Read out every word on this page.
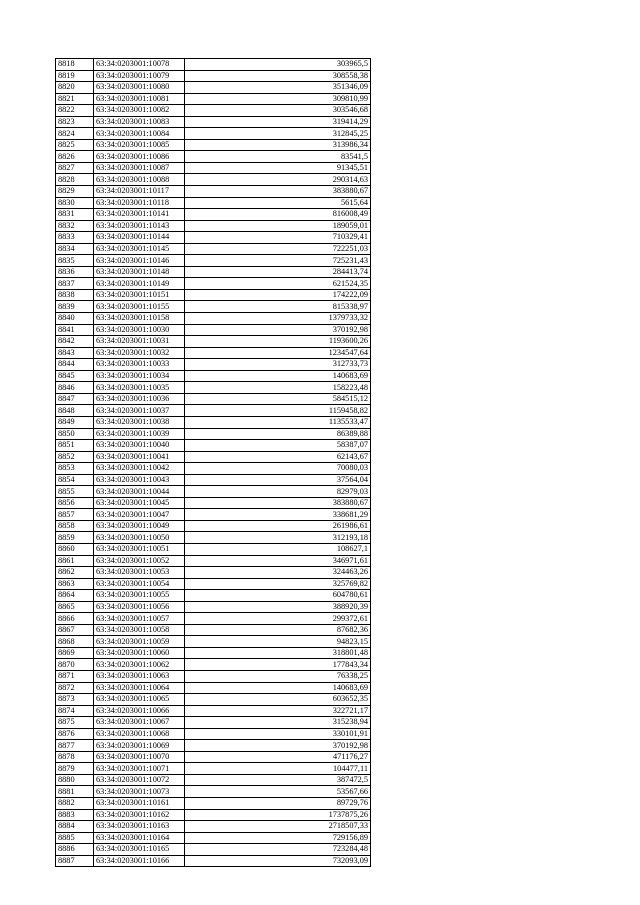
8818	63:34:0203001:10078	303965,5
8819	63:34:0203001:10079	308558,38
8820	63:34:0203001:10080	351346,09
8821	63:34:0203001:10081	309810,99
8822	63:34:0203001:10082	303546,68
8823	63:34:0203001:10083	319414,29
8824	63:34:0203001:10084	312845,25
8825	63:34:0203001:10085	313986,34
8826	63:34:0203001:10086	83541,5
8827	63:34:0203001:10087	91345,51
8828	63:34:0203001:10088	290314,63
8829	63:34:0203001:10117	383880,67
8830	63:34:0203001:10118	5615,64
8831	63:34:0203001:10141	816008,49
8832	63:34:0203001:10143	189059,01
8833	63:34:0203001:10144	710329,41
8834	63:34:0203001:10145	722251,03
8835	63:34:0203001:10146	725231,43
8836	63:34:0203001:10148	284413,74
8837	63:34:0203001:10149	621524,35
8838	63:34:0203001:10151	174222,09
8839	63:34:0203001:10155	815338,97
8840	63:34:0203001:10158	1379733,32
8841	63:34:0203001:10030	370192,98
8842	63:34:0203001:10031	1193600,26
8843	63:34:0203001:10032	1234547,64
8844	63:34:0203001:10033	312733,73
8845	63:34:0203001:10034	140683,69
8846	63:34:0203001:10035	158223,48
8847	63:34:0203001:10036	584515,12
8848	63:34:0203001:10037	1159458,82
8849	63:34:0203001:10038	1135533,47
8850	63:34:0203001:10039	86389,88
8851	63:34:0203001:10040	58387,07
8852	63:34:0203001:10041	62143,67
8853	63:34:0203001:10042	70080,03
8854	63:34:0203001:10043	37564,04
8855	63:34:0203001:10044	82979,03
8856	63:34:0203001:10045	383880,67
8857	63:34:0203001:10047	338681,29
8858	63:34:0203001:10049	261986,61
8859	63:34:0203001:10050	312193,18
8860	63:34:0203001:10051	108627,1
8861	63:34:0203001:10052	346971,61
8862	63:34:0203001:10053	324463,26
8863	63:34:0203001:10054	325769,82
8864	63:34:0203001:10055	604780,61
8865	63:34:0203001:10056	388920,39
8866	63:34:0203001:10057	299372,61
8867	63:34:0203001:10058	87682,36
8868	63:34:0203001:10059	94823,15
8869	63:34:0203001:10060	318801,48
8870	63:34:0203001:10062	177843,34
8871	63:34:0203001:10063	76338,25
8872	63:34:0203001:10064	140683,69
8873	63:34:0203001:10065	603652,35
8874	63:34:0203001:10066	322721,17
8875	63:34:0203001:10067	315238,94
8876	63:34:0203001:10068	330101,91
8877	63:34:0203001:10069	370192,98
8878	63:34:0203001:10070	471176,27
8879	63:34:0203001:10071	104477,11
8880	63:34:0203001:10072	387472,5
8881	63:34:0203001:10073	53567,66
8882	63:34:0203001:10161	89729,76
8883	63:34:0203001:10162	1737875,26
8884	63:34:0203001:10163	2718507,33
8885	63:34:0203001:10164	729156,89
8886	63:34:0203001:10165	723284,48
8887	63:34:0203001:10166	732093,09
